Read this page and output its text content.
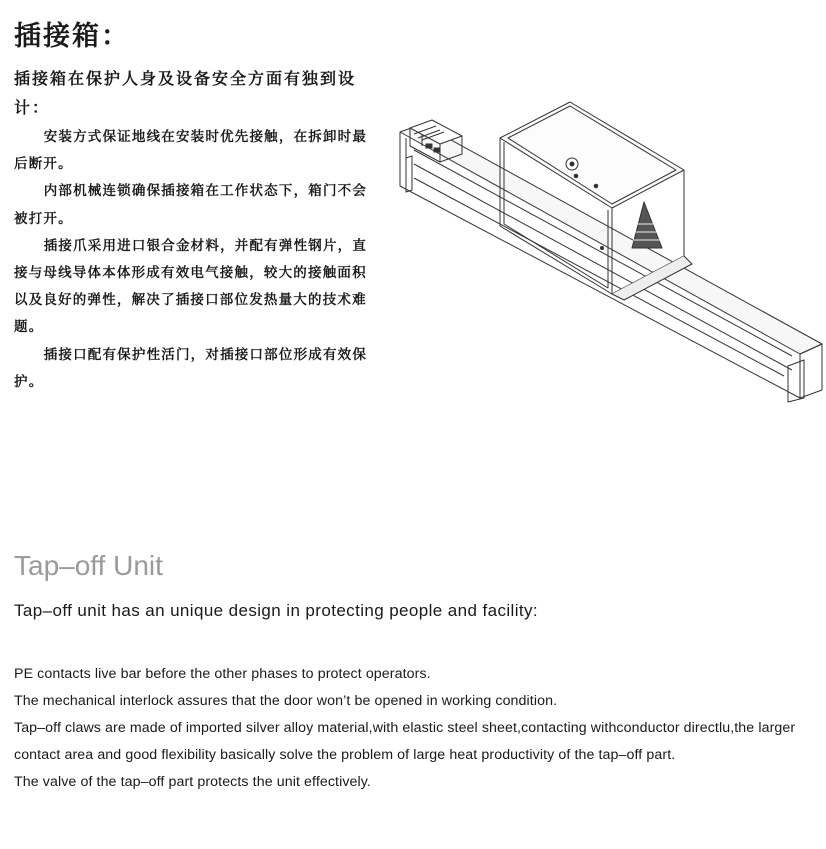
插接箱：

插接箱在保护人身及设备安全方面有独到设计：

安装方式保证地线在安装时优先接触，在拆卸时最后断开。

内部机械连锁确保插接箱在工作状态下，箱门不会被打开。

插接爪采用进口银合金材料，并配有弹性钢片，直接与母线导体本体形成有效电气接触，较大的接触面积以及良好的弹性，解决了插接口部位发热量大的技术难题。

插接口配有保护性活门，对插接口部位形成有效保护。

Tap–off Unit

Tap–off unit has an unique design in protecting people and facility:

PE contacts live bar before the other phases to protect operators.

The mechanical interlock assures that the door won’t be opened in working condition.

Tap–off claws are made of imported silver alloy material,with elastic steel sheet,contacting withconductor directlu,the larger contact area and good flexibility basically solve the problem of large heat productivity of the tap–off part.

The valve of the tap–off part protects the unit effectively.
